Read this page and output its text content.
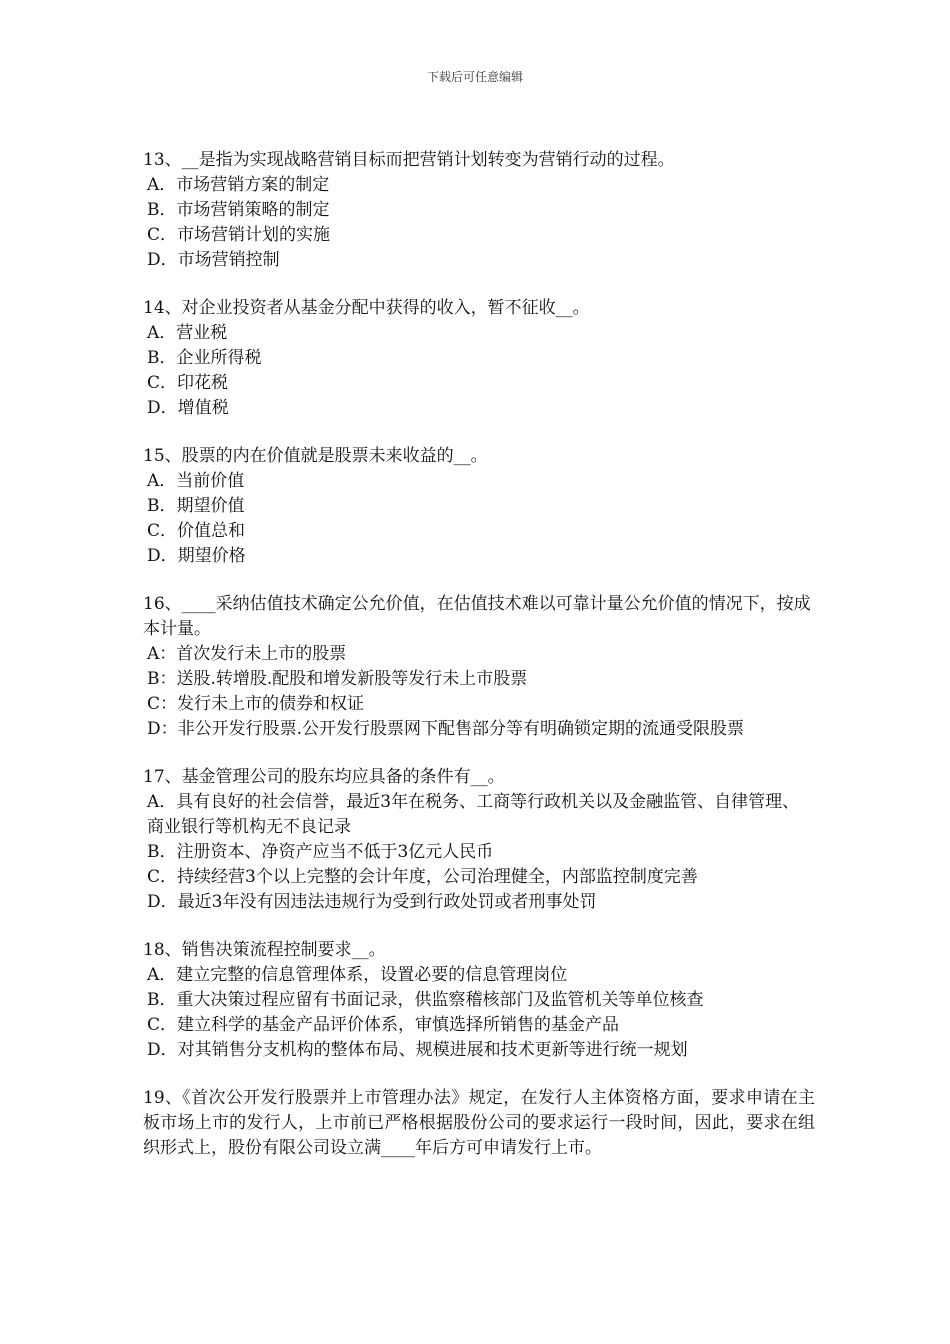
下载后可任意编辑

13、__是指为实现战略营销目标而把营销计划转变为营销行动的过程。

A．市场营销方案的制定

B．市场营销策略的制定

C．市场营销计划的实施

D．市场营销控制

14、对企业投资者从基金分配中获得的收入，暂不征收__。

A．营业税

B．企业所得税

C．印花税

D．增值税

15、股票的内在价值就是股票未来收益的__。

A．当前价值

B．期望价值

C．价值总和

D．期望价格

16、____采纳估值技术确定公允价值，在估值技术难以可靠计量公允价值的情况下，按成本计量。

A：首次发行未上市的股票

B：送股.转增股.配股和增发新股等发行未上市股票

C：发行未上市的债券和权证

D：非公开发行股票.公开发行股票网下配售部分等有明确锁定期的流通受限股票

17、基金管理公司的股东均应具备的条件有__。

A．具有良好的社会信誉，最近3年在税务、工商等行政机关以及金融监管、自律管理、商业银行等机构无不良记录

B．注册资本、净资产应当不低于3亿元人民币

C．持续经营3个以上完整的会计年度，公司治理健全，内部监控制度完善

D．最近3年没有因违法违规行为受到行政处罚或者刑事处罚

18、销售决策流程控制要求__。

A．建立完整的信息管理体系，设置必要的信息管理岗位

B．重大决策过程应留有书面记录，供监察稽核部门及监管机关等单位核查

C．建立科学的基金产品评价体系，审慎选择所销售的基金产品

D．对其销售分支机构的整体布局、规模进展和技术更新等进行统一规划

19、《首次公开发行股票并上市管理办法》规定，在发行人主体资格方面，要求申请在主板市场上市的发行人，上市前已严格根据股份公司的要求运行一段时间，因此，要求在组织形式上，股份有限公司设立满____年后方可申请发行上市。
